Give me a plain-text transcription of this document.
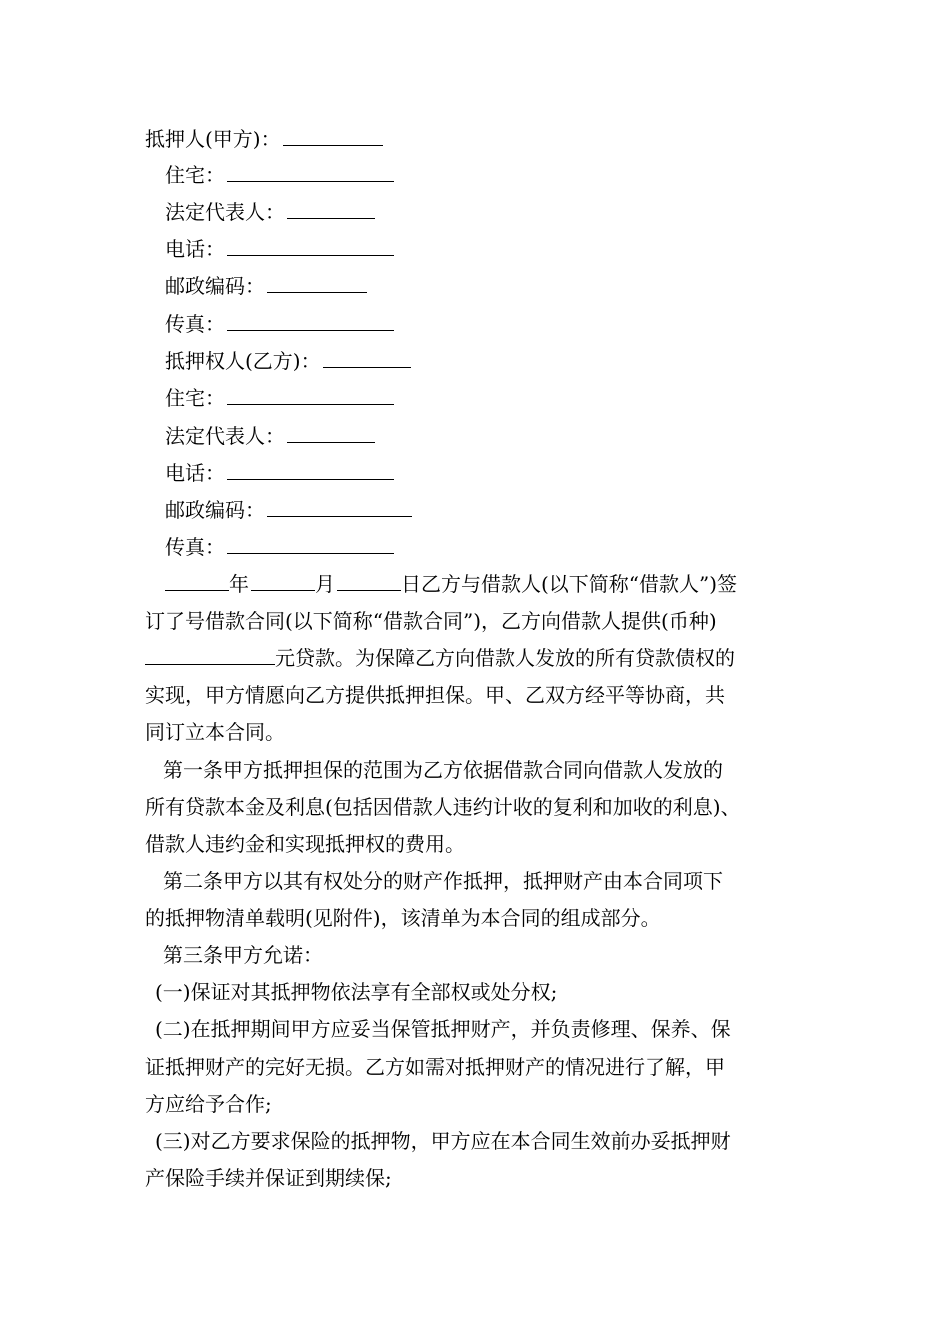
抵押人(甲方)：
住宅：
法定代表人：
电话：
邮政编码：
传真：
抵押权人(乙方)：
住宅：
法定代表人：
电话：
邮政编码：
传真：
年	月	日乙方与借款人(以下简称“借款人”)签
订了号借款合同(以下简称“借款合同”)，乙方向借款人提供(币种)
元贷款。为保障乙方向借款人发放的所有贷款债权的
实现，甲方情愿向乙方提供抵押担保。甲、乙双方经平等协商，共
同订立本合同。
第一条甲方抵押担保的范围为乙方依据借款合同向借款人发放的
所有贷款本金及利息(包括因借款人违约计收的复利和加收的利息)、
借款人违约金和实现抵押权的费用。
第二条甲方以其有权处分的财产作抵押，抵押财产由本合同项下
的抵押物清单载明(见附件)，该清单为本合同的组成部分。
第三条甲方允诺：
(一)保证对其抵押物依法享有全部权或处分权;
(二)在抵押期间甲方应妥当保管抵押财产，并负责修理、保养、保
证抵押财产的完好无损。乙方如需对抵押财产的情况进行了解，甲
方应给予合作;
(三)对乙方要求保险的抵押物，甲方应在本合同生效前办妥抵押财
产保险手续并保证到期续保;
